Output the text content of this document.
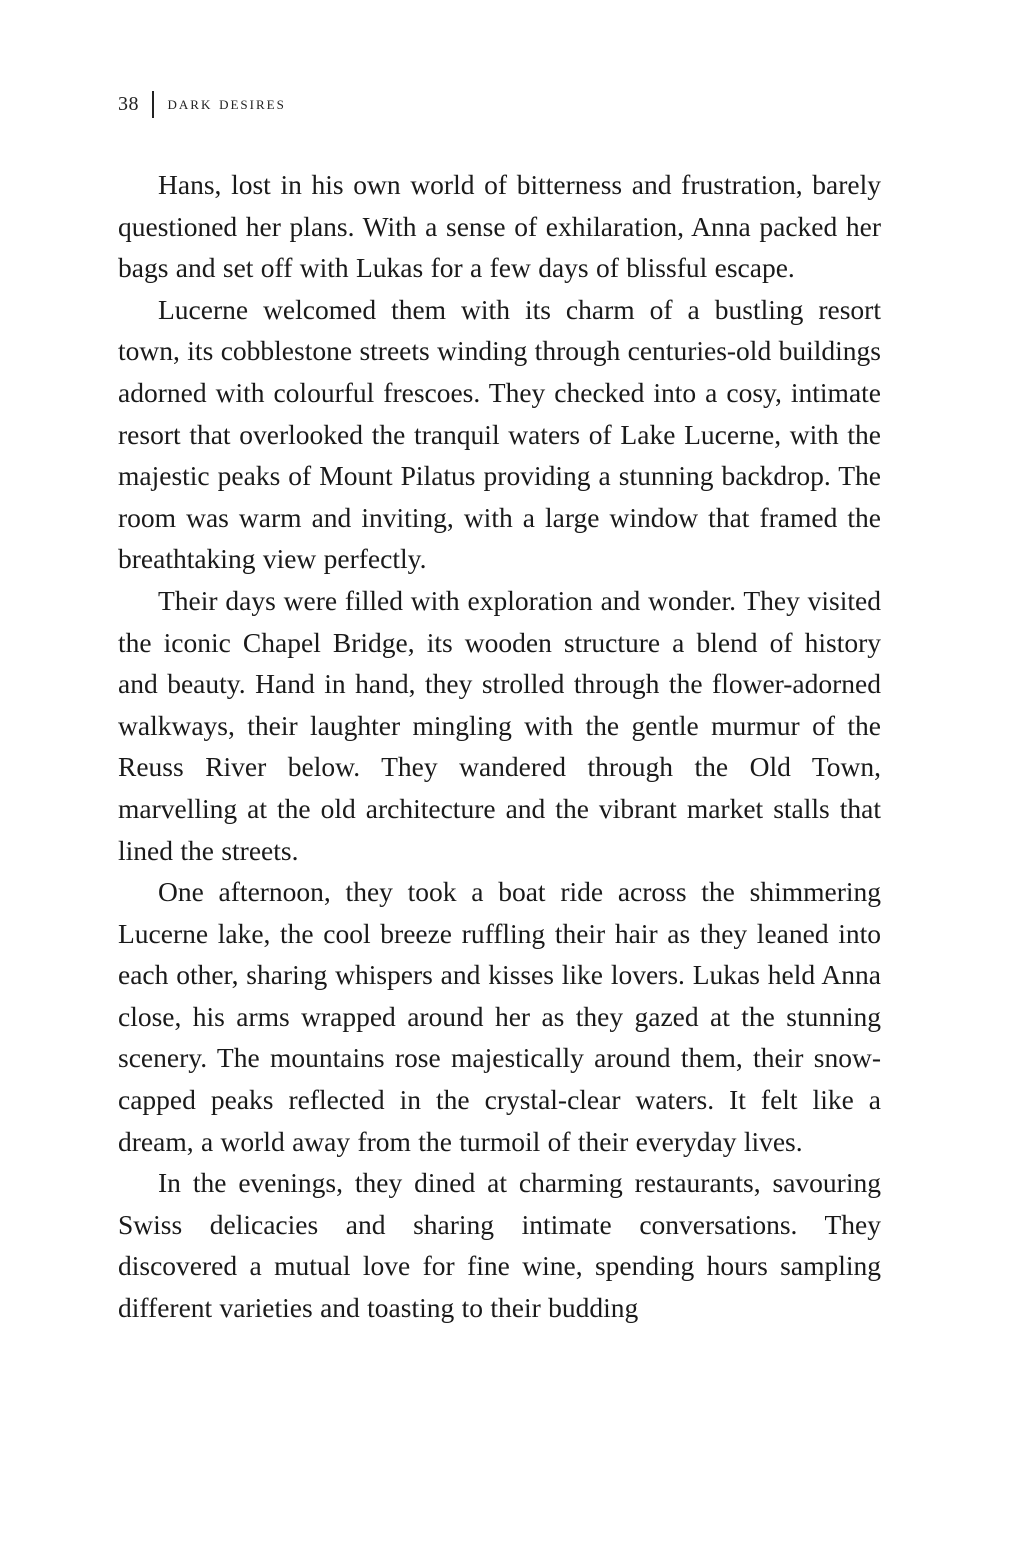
38 dark desires

Hans, lost in his own world of bitterness and frustration, barely questioned her plans. With a sense of exhilaration, Anna packed her bags and set off with Lukas for a few days of blissful escape.

Lucerne welcomed them with its charm of a bustling resort town, its cobblestone streets winding through centuries-old buildings adorned with colourful frescoes. They checked into a cosy, intimate resort that overlooked the tranquil waters of Lake Lucerne, with the majestic peaks of Mount Pilatus providing a stunning backdrop. The room was warm and inviting, with a large window that framed the breathtaking view perfectly.

Their days were filled with exploration and wonder. They visited the iconic Chapel Bridge, its wooden structure a blend of history and beauty. Hand in hand, they strolled through the flower-adorned walkways, their laughter mingling with the gentle murmur of the Reuss River below. They wandered through the Old Town, marvelling at the old architecture and the vibrant market stalls that lined the streets.

One afternoon, they took a boat ride across the shimmering Lucerne lake, the cool breeze ruffling their hair as they leaned into each other, sharing whispers and kisses like lovers. Lukas held Anna close, his arms wrapped around her as they gazed at the stunning scenery. The mountains rose majestically around them, their snow-capped peaks reflected in the crystal-clear waters. It felt like a dream, a world away from the turmoil of their everyday lives.

In the evenings, they dined at charming restaurants, savouring Swiss delicacies and sharing intimate conversations. They discovered a mutual love for fine wine, spending hours sampling different varieties and toasting to their budding
